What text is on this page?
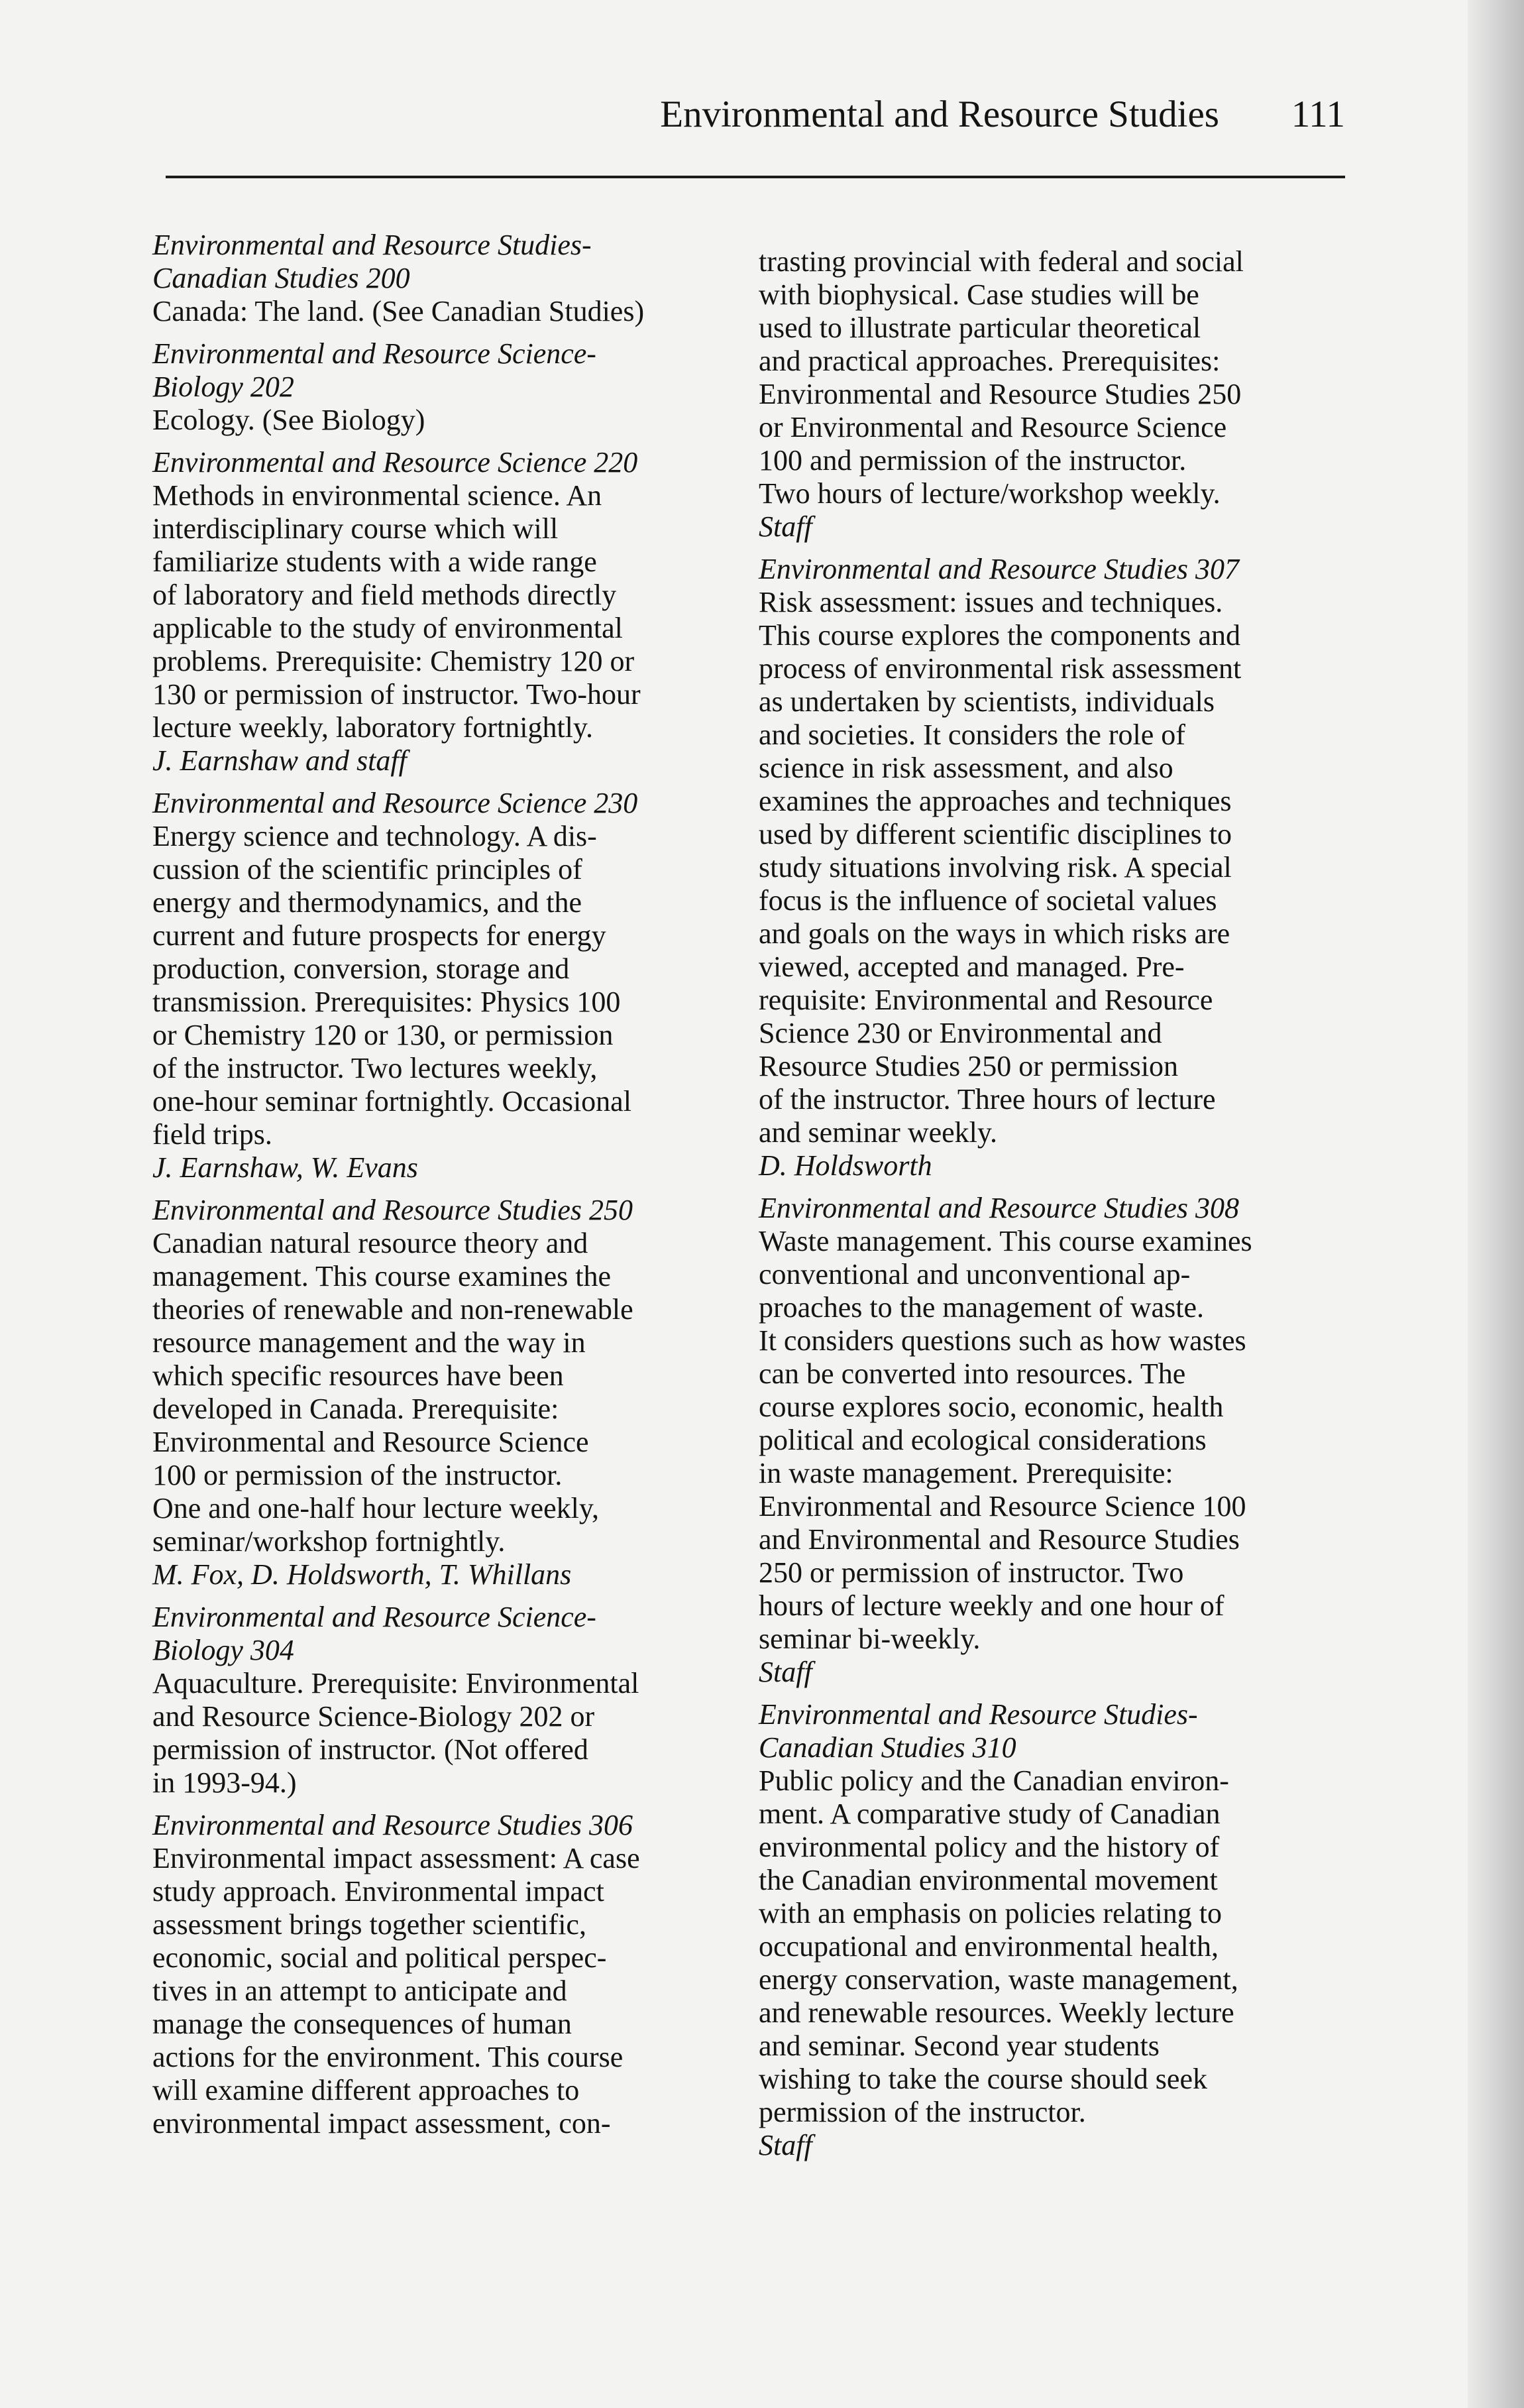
Environmental and Resource Studies 111
Environmental and Resource Studies-
Canadian Studies 200
Canada: The land. (See Canadian Studies)
Environmental and Resource Science-
Biology 202
Ecology. (See Biology)
Environmental and Resource Science 220
Methods in environmental science. An
interdisciplinary course which will
familiarize students with a wide range
of laboratory and field methods directly
applicable to the study of environmental
problems. Prerequisite: Chemistry 120 or
130 or permission of instructor. Two-hour
lecture weekly, laboratory fortnightly.
J. Earnshaw and staff
Environmental and Resource Science 230
Energy science and technology. A dis-
cussion of the scientific principles of
energy and thermodynamics, and the
current and future prospects for energy
production, conversion, storage and
transmission. Prerequisites: Physics 100
or Chemistry 120 or 130, or permission
of the instructor. Two lectures weekly,
one-hour seminar fortnightly. Occasional
field trips.
J. Earnshaw, W. Evans
Environmental and Resource Studies 250
Canadian natural resource theory and
management. This course examines the
theories of renewable and non-renewable
resource management and the way in
which specific resources have been
developed in Canada. Prerequisite:
Environmental and Resource Science
100 or permission of the instructor.
One and one-half hour lecture weekly,
seminar/workshop fortnightly.
M. Fox, D. Holdsworth, T. Whillans
Environmental and Resource Science-
Biology 304
Aquaculture. Prerequisite: Environmental
and Resource Science-Biology 202 or
permission of instructor. (Not offered
in 1993-94.)
Environmental and Resource Studies 306
Environmental impact assessment: A case
study approach. Environmental impact
assessment brings together scientific,
economic, social and political perspec-
tives in an attempt to anticipate and
manage the consequences of human
actions for the environment. This course
will examine different approaches to
environmental impact assessment, con-
trasting provincial with federal and social
with biophysical. Case studies will be
used to illustrate particular theoretical
and practical approaches. Prerequisites:
Environmental and Resource Studies 250
or Environmental and Resource Science
100 and permission of the instructor.
Two hours of lecture/workshop weekly.
Staff
Environmental and Resource Studies 307
Risk assessment: issues and techniques.
This course explores the components and
process of environmental risk assessment
as undertaken by scientists, individuals
and societies. It considers the role of
science in risk assessment, and also
examines the approaches and techniques
used by different scientific disciplines to
study situations involving risk. A special
focus is the influence of societal values
and goals on the ways in which risks are
viewed, accepted and managed. Pre-
requisite: Environmental and Resource
Science 230 or Environmental and
Resource Studies 250 or permission
of the instructor. Three hours of lecture
and seminar weekly.
D. Holdsworth
Environmental and Resource Studies 308
Waste management. This course examines
conventional and unconventional ap-
proaches to the management of waste.
It considers questions such as how wastes
can be converted into resources. The
course explores socio, economic, health
political and ecological considerations
in waste management. Prerequisite:
Environmental and Resource Science 100
and Environmental and Resource Studies
250 or permission of instructor. Two
hours of lecture weekly and one hour of
seminar bi-weekly.
Staff
Environmental and Resource Studies-
Canadian Studies 310
Public policy and the Canadian environ-
ment. A comparative study of Canadian
environmental policy and the history of
the Canadian environmental movement
with an emphasis on policies relating to
occupational and environmental health,
energy conservation, waste management,
and renewable resources. Weekly lecture
and seminar. Second year students
wishing to take the course should seek
permission of the instructor.
Staff
